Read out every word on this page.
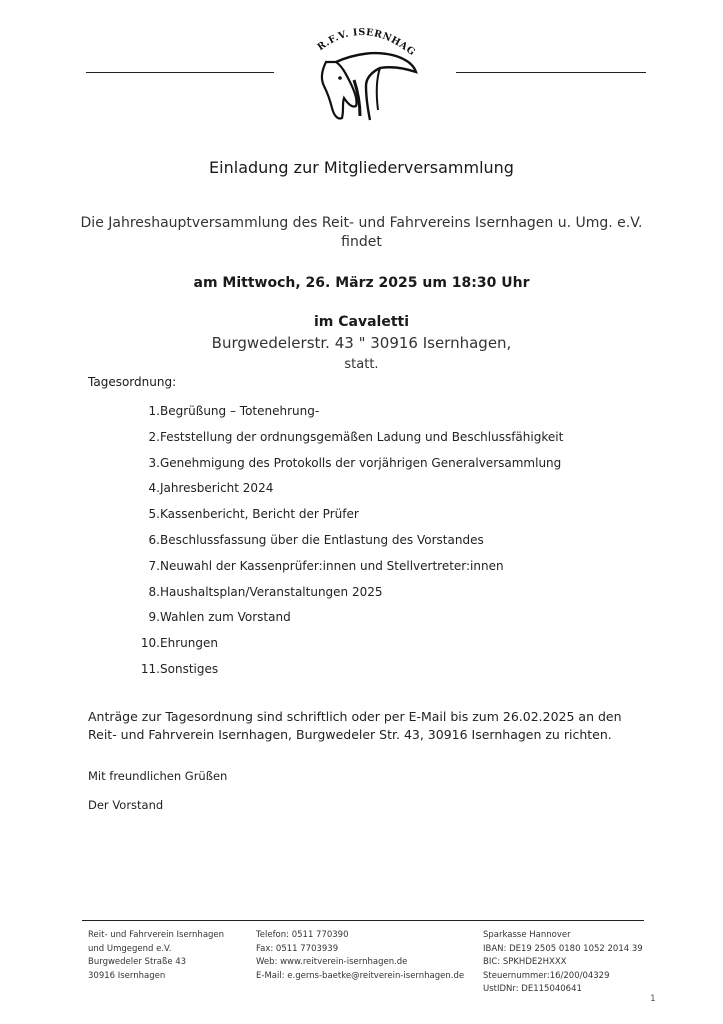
R.F.V. ISERNHAG
Einladung zur Mitgliederversammlung
Die Jahreshauptversammlung des Reit- und Fahrvereins Isernhagen u. Umg. e.V.
findet
am Mittwoch, 26. März 2025 um 18:30 Uhr
im Cavaletti
Burgwedelerstr. 43 " 30916 Isernhagen,
statt.
Tagesordnung:
1. Begrüßung – Totenehrung-
2. Feststellung der ordnungsgemäßen Ladung und Beschlussfähigkeit
3. Genehmigung des Protokolls der vorjährigen Generalversammlung
4. Jahresbericht 2024
5. Kassenbericht, Bericht der Prüfer
6. Beschlussfassung über die Entlastung des Vorstandes
7. Neuwahl der Kassenprüfer:innen und Stellvertreter:innen
8. Haushaltsplan/Veranstaltungen 2025
9. Wahlen zum Vorstand
10. Ehrungen
11. Sonstiges
Anträge zur Tagesordnung sind schriftlich oder per E-Mail bis zum 26.02.2025 an den Reit- und Fahrverein Isernhagen, Burgwedeler Str. 43, 30916 Isernhagen zu richten.
Mit freundlichen Grüßen
Der Vorstand
Reit- und Fahrverein Isernhagen
und Umgegend e.V.
Burgwedeler Straße 43
30916 Isernhagen
Telefon: 0511 770390
Fax: 0511 7703939
Web: www.reitverein-isernhagen.de
E-Mail: e.gerns-baetke@reitverein-isernhagen.de
Sparkasse Hannover
IBAN: DE19 2505 0180 1052 2014 39
BIC: SPKHDE2HXXX
Steuernummer:16/200/04329
UstIDNr: DE115040641
1
